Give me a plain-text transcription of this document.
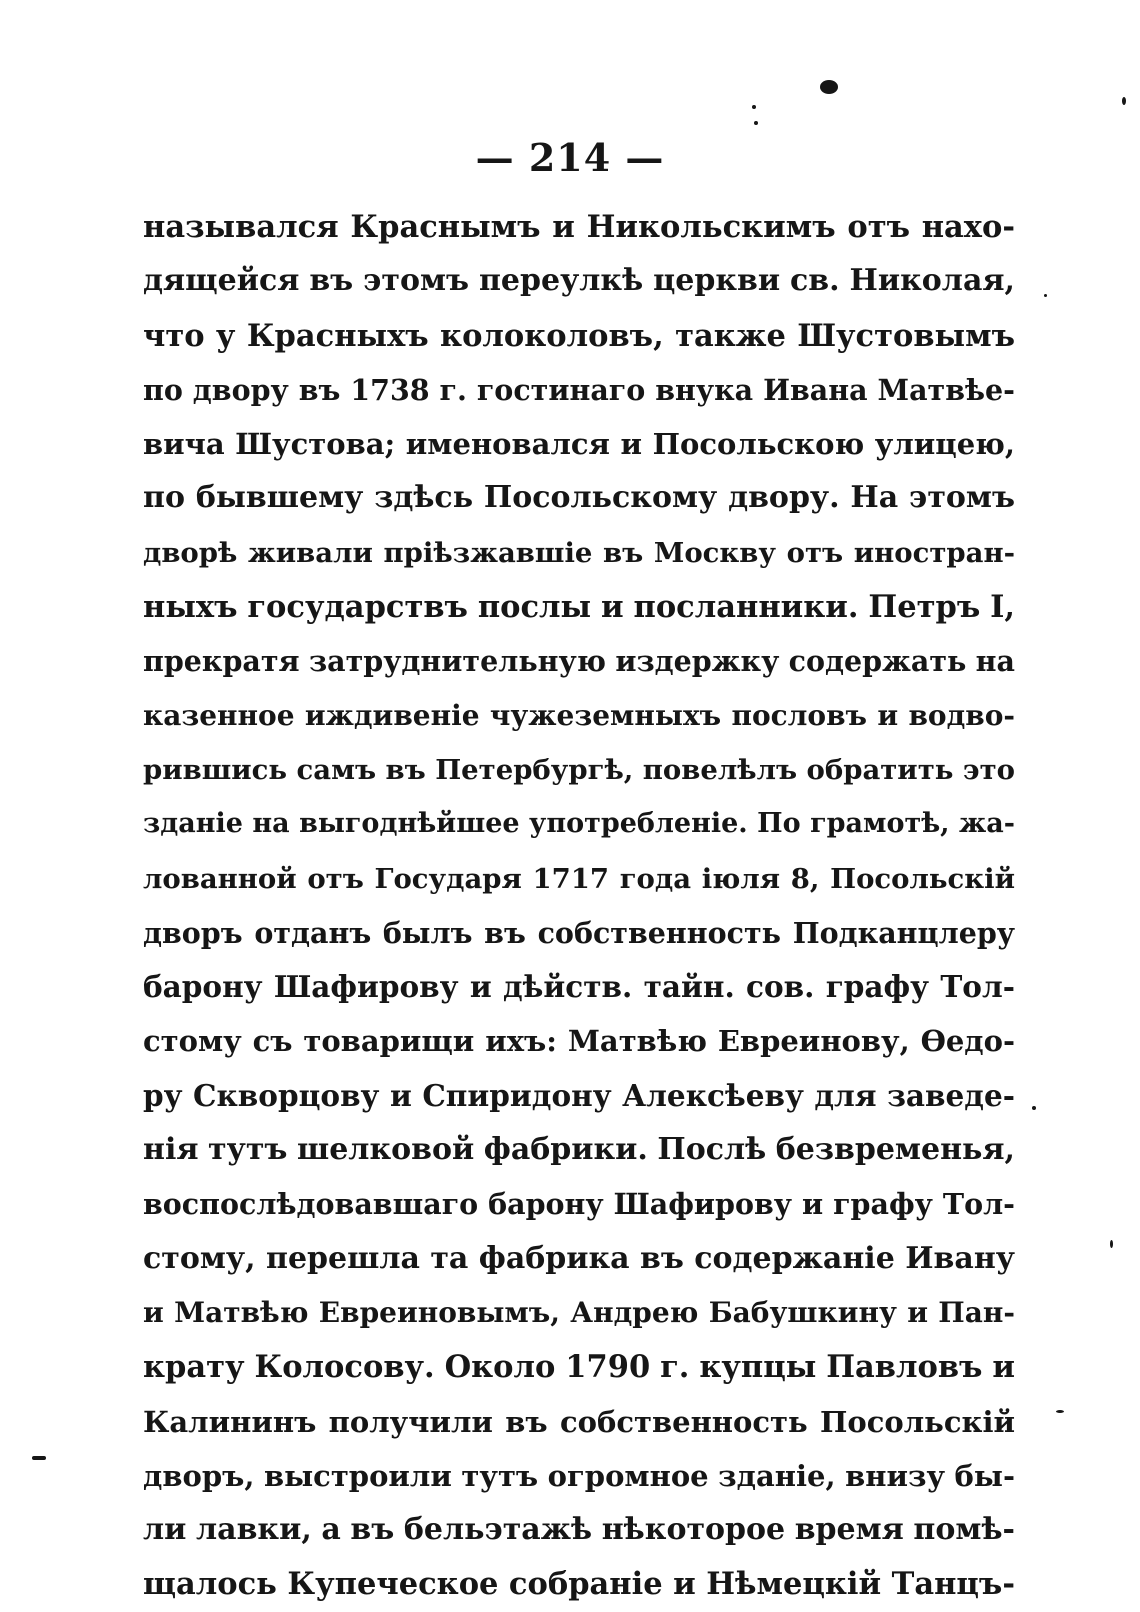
— 214 —
назывался Краснымъ и Никольскимъ отъ нахо-
дящейся въ этомъ переулкѣ церкви св. Николая,
что у Красныхъ колоколовъ, также Шустовымъ
по двору въ 1738 г. гостинаго внука Ивана Матвѣе-
вича Шустова; именовался и Посольскою улицею,
по бывшему здѣсь Посольскому двору. На этомъ
дворѣ живали пріѣзжавшіе въ Москву отъ иностран-
ныхъ государствъ послы и посланники. Петръ I,
прекратя затруднительную издержку содержать на
казенное иждивеніе чужеземныхъ пословъ и водво-
рившись самъ въ Петербургѣ, повелѣлъ обратить это
зданіе на выгоднѣйшее употребленіе. По грамотѣ, жа-
лованной отъ Государя 1717 года іюля 8, Посольскій
дворъ отданъ былъ въ собственность Подканцлеру
барону Шафирову и дѣйств. тайн. сов. графу Тол-
стому съ товарищи ихъ: Матвѣю Евреинову, Ѳедо-
ру Скворцову и Спиридону Алексѣеву для заведе-
нія тутъ шелковой фабрики. Послѣ безвременья,
воспослѣдовавшаго барону Шафирову и графу Тол-
стому, перешла та фабрика въ содержаніе Ивану
и Матвѣю Евреиновымъ, Андрею Бабушкину и Пан-
крату Колосову. Около 1790 г. купцы Павловъ и
Калининъ получили въ собственность Посольскій
дворъ, выстроили тутъ огромное зданіе, внизу бы-
ли лавки, а въ бельэтажѣ нѣкоторое время помѣ-
щалось Купеческое собраніе и Нѣмецкій Танцъ-
